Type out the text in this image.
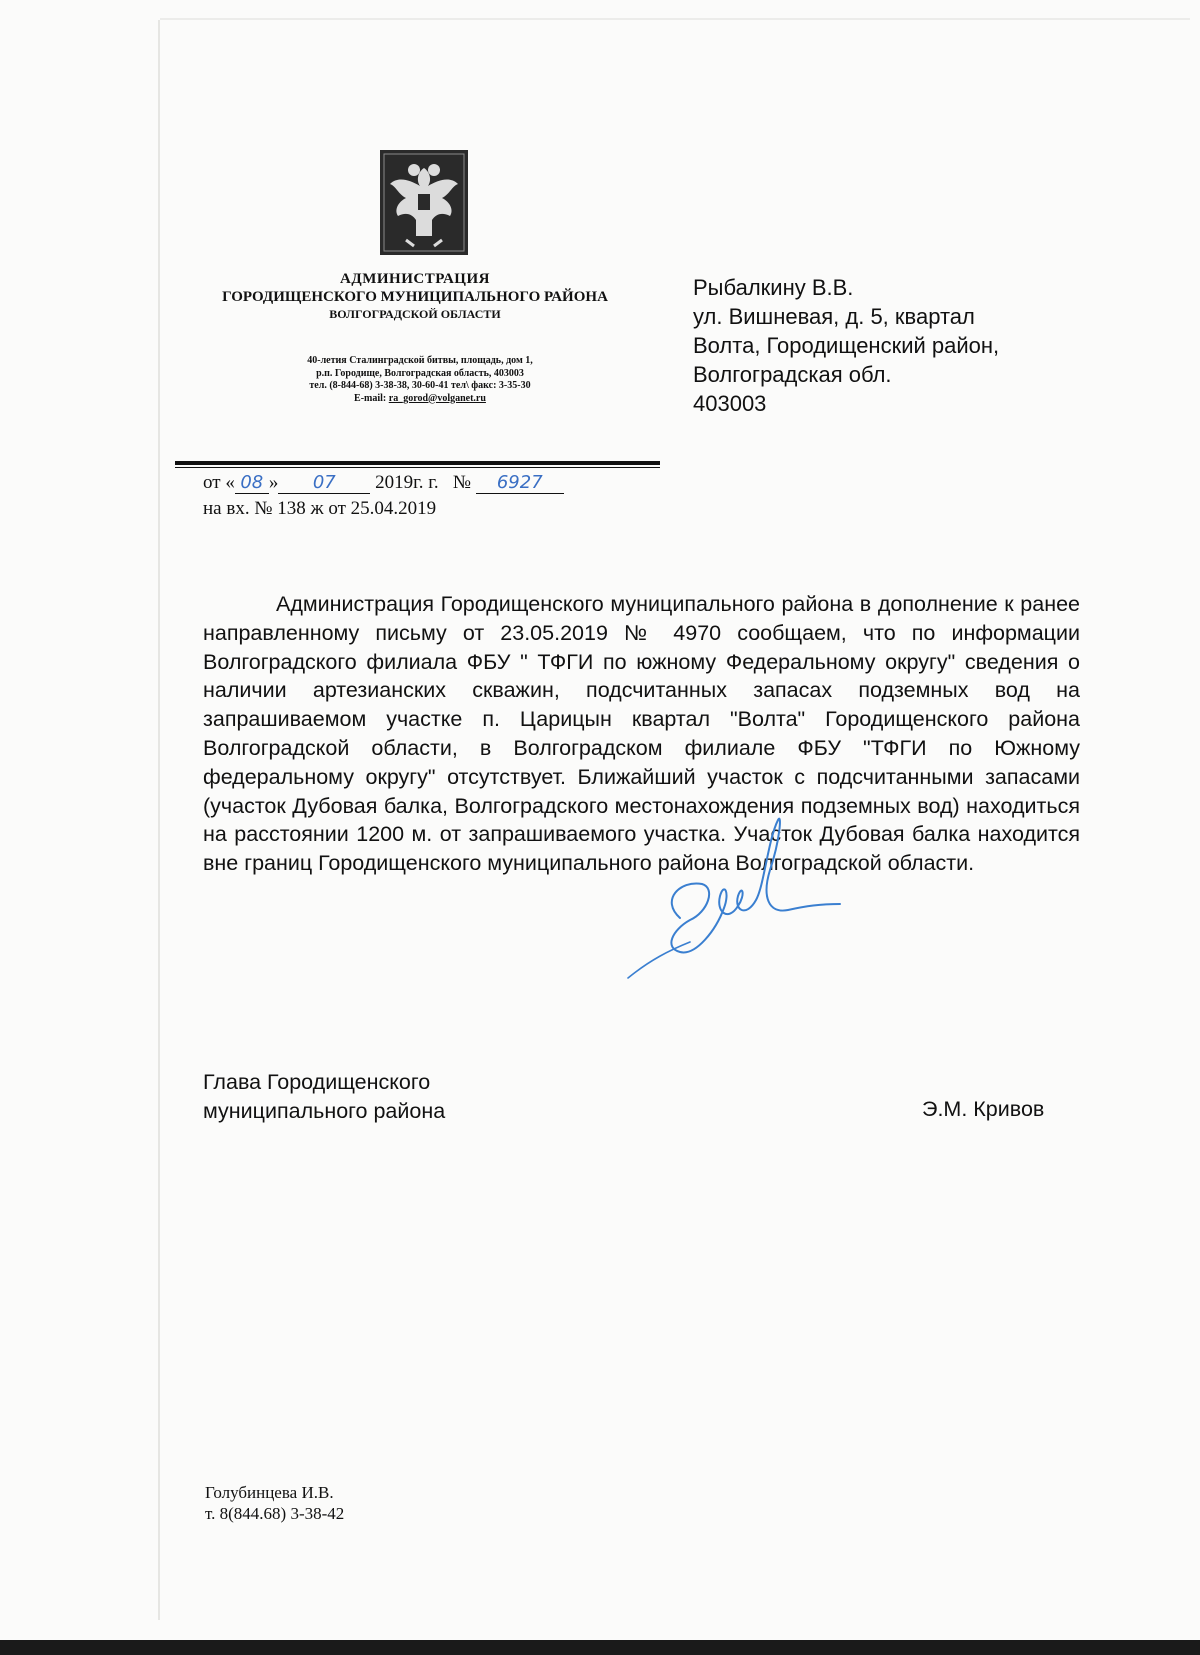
АДМИНИСТРАЦИЯ
ГОРОДИЩЕНСКОГО МУНИЦИПАЛЬНОГО РАЙОНА
ВОЛГОГРАДСКОЙ ОБЛАСТИ
40-летия Сталинградской битвы, площадь, дом 1,
р.п. Городище, Волгоградская область, 403003
тел. (8-844-68) 3-38-38, 30-60-41 тел\ факс: 3-35-30
E-mail: ra_gorod@volganet.ru
от « 08 » 07 2019г. г. № 6927
на вх. № 138 ж от 25.04.2019
Рыбалкину В.В.
ул. Вишневая, д. 5, квартал
Волта, Городищенский район,
Волгоградская обл.
403003
Администрация Городищенского муниципального района в дополнение к ранее направленному письму от 23.05.2019 № 4970 сообщаем, что по информации Волгоградского филиала ФБУ " ТФГИ по южному Федеральному округу" сведения о наличии артезианских скважин, подсчитанных запасах подземных вод на запрашиваемом участке п. Царицын квартал "Волта" Городищенского района Волгоградской области, в Волгоградском филиале ФБУ "ТФГИ по Южному федеральному округу" отсутствует. Ближайший участок с подсчитанными запасами (участок Дубовая балка, Волгоградского местонахождения подземных вод) находиться на расстоянии 1200 м. от запрашиваемого участка. Участок Дубовая балка находится вне границ Городищенского муниципального района Волгоградской области.
Глава Городищенского
муниципального района	Э.М. Кривов
Голубинцева И.В.
т. 8(844.68) 3-38-42
